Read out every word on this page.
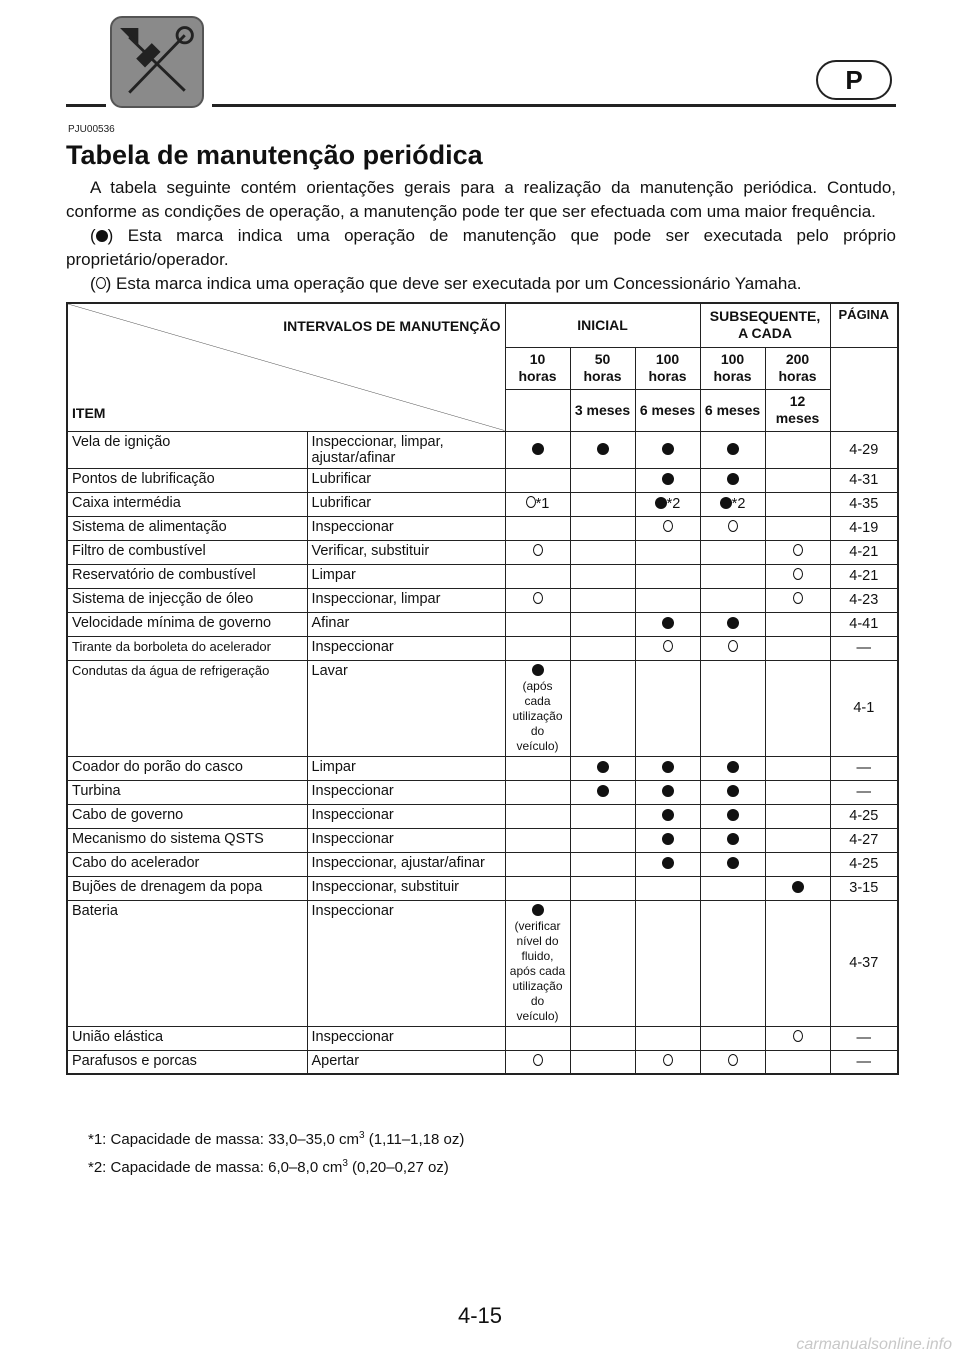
P
PJU00536
Tabela de manutenção periódica

A tabela seguinte contém orientações gerais para a realização da manutenção periódica. Contudo, conforme as condições de operação, a manutenção pode ter que ser efectuada com uma maior frequência.

( ) Esta marca indica uma operação de manutenção que pode ser executada pelo próprio proprietário/operador.

( ) Esta marca indica uma operação que deve ser executada por um Concessionário Yamaha.

INTERVALOS DE MANUTENÇÃO
ITEM		INICIAL			SUBSEQUENTE, A CADA		PÁGINA
		10 horas	50 horas	100 horas	100 horas	200 horas	
			3 meses	6 meses	6 meses	12 meses	
Vela de ignição	Inspeccionar, limpar, ajustar/afinar						4-29
Pontos de lubrificação	Lubrificar						4-31
Caixa intermédia	Lubrificar	*1		*2	*2		4-35
Sistema de alimentação	Inspeccionar						4-19
Filtro de combustível	Verificar, substituir						4-21
Reservatório de combustível	Limpar						4-21
Sistema de injecção de óleo	Inspeccionar, limpar						4-23
Velocidade mínima de governo	Afinar						4-41
Tirante da borboleta do acelerador	Inspeccionar						—
Condutas da água de refrigeração	Lavar	(após cada utilização do veículo)					4-1
Coador do porão do casco	Limpar						—
Turbina	Inspeccionar						—
Cabo de governo	Inspeccionar						4-25
Mecanismo do sistema QSTS	Inspeccionar						4-27
Cabo do acelerador	Inspeccionar, ajustar/afinar						4-25
Bujões de drenagem da popa	Inspeccionar, substituir						3-15
Bateria	Inspeccionar	(verificar nível do fluido, após cada utilização do veículo)					4-37
União elástica	Inspeccionar						—
Parafusos e porcas	Apertar						—
*1: Capacidade de massa: 33,0–35,0 $cm^3$ (1,11–1,18 oz)
*2: Capacidade de massa: 6,0–8,0 $cm^3$ (0,20–0,27 oz)
4-15
carmanualsonline.info
